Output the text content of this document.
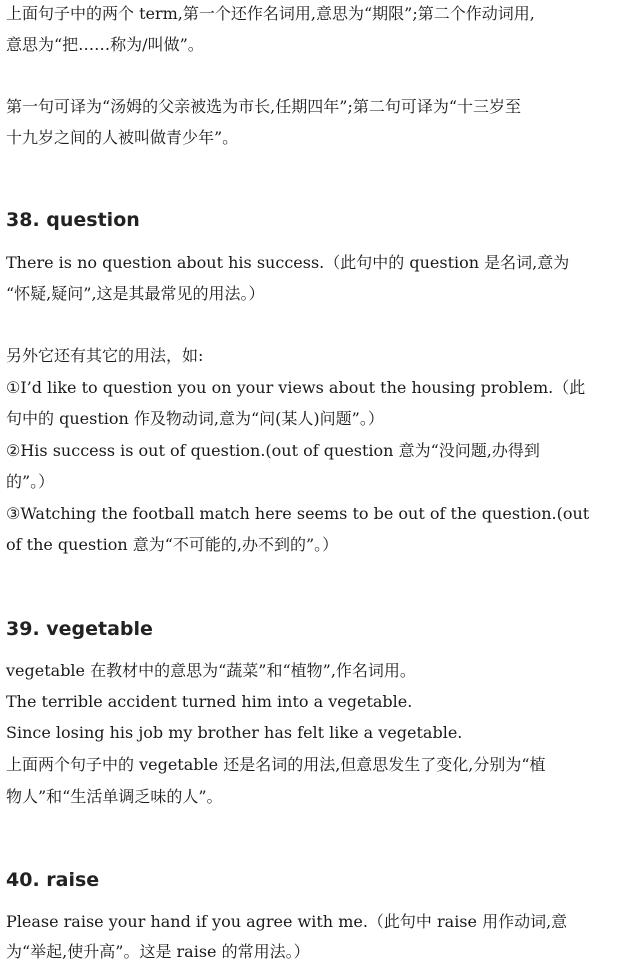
上面句子中的两个 term,第一个还作名词用,意思为“期限”;第二个作动词用,
意思为“把……称为/叫做”。
第一句可译为“汤姆的父亲被选为市长,任期四年”;第二句可译为“十三岁至
十九岁之间的人被叫做青少年”。
38. question
There is no question about his success.（此句中的 question 是名词,意为
“怀疑,疑问”,这是其最常见的用法。）
另外它还有其它的用法，如:
①I’d like to question you on your views about the housing problem.（此
句中的 question 作及物动词,意为“问(某人)问题”。）
②His success is out of question.(out of question 意为“没问题,办得到
的”。）
③Watching the football match here seems to be out of the question.(out
of the question 意为“不可能的,办不到的”。）
39. vegetable
vegetable 在教材中的意思为“蔬菜”和“植物”,作名词用。
The terrible accident turned him into a vegetable.
Since losing his job my brother has felt like a vegetable.
上面两个句子中的 vegetable 还是名词的用法,但意思发生了变化,分别为“植
物人”和“生活单调乏味的人”。
40. raise
Please raise your hand if you agree with me.（此句中 raise 用作动词,意
为“举起,使升高”。这是 raise 的常用法。）
